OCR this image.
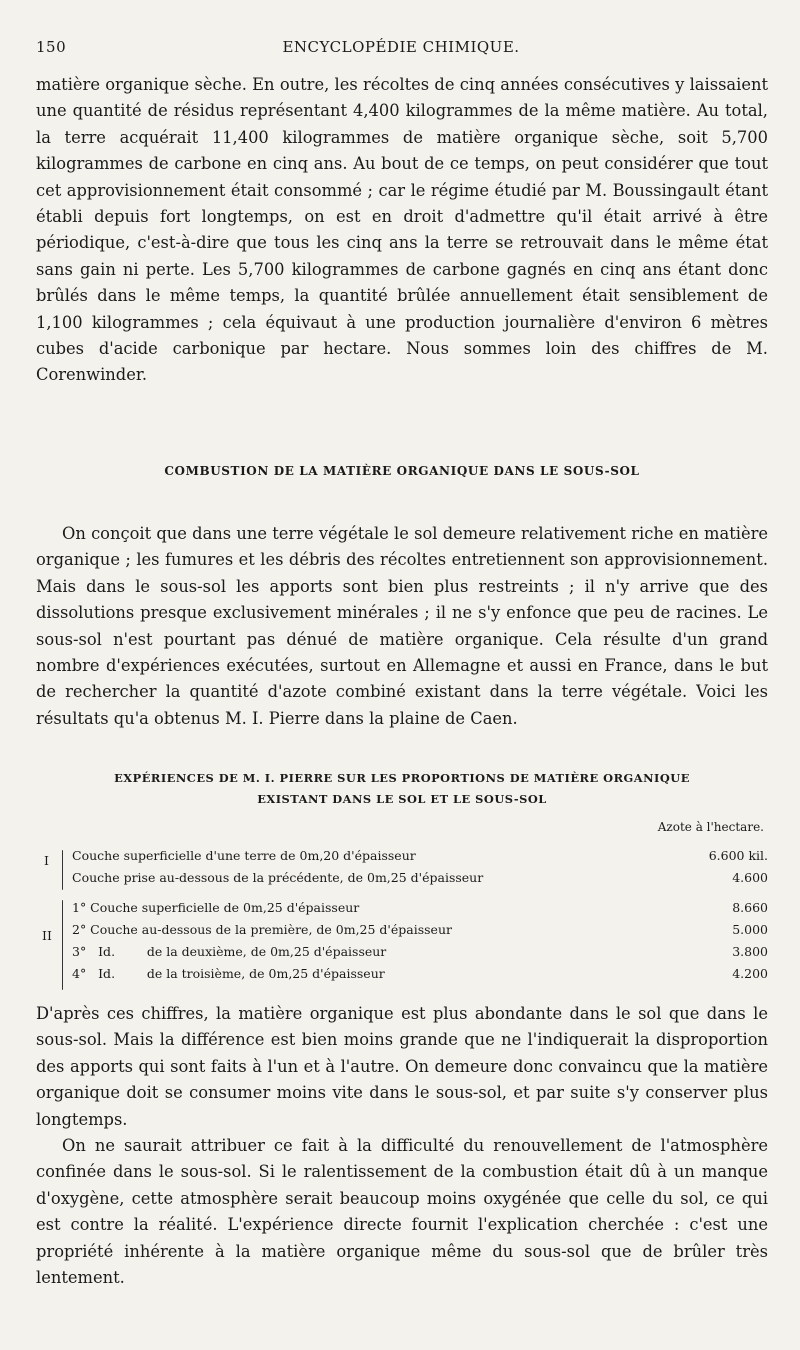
150	ENCYCLOPÉDIE CHIMIQUE.

matière organique sèche. En outre, les récoltes de cinq années consécutives y laissaient une quantité de résidus représentant 4,400 kilogrammes de la même matière. Au total, la terre acquérait 11,400 kilogrammes de matière organique sèche, soit 5,700 kilogrammes de carbone en cinq ans. Au bout de ce temps, on peut considérer que tout cet approvisionnement était consommé ; car le régime étudié par M. Boussingault étant établi depuis fort longtemps, on est en droit d'admettre qu'il était arrivé à être périodique, c'est-à-dire que tous les cinq ans la terre se retrouvait dans le même état sans gain ni perte. Les 5,700 kilogrammes de carbone gagnés en cinq ans étant donc brûlés dans le même temps, la quantité brûlée annuellement était sensiblement de 1,100 kilogrammes ; cela équivaut à une production journalière d'environ 6 mètres cubes d'acide carbonique par hectare. Nous sommes loin des chiffres de M. Corenwinder.

COMBUSTION DE LA MATIÈRE ORGANIQUE DANS LE SOUS-SOL

On conçoit que dans une terre végétale le sol demeure relativement riche en matière organique ; les fumures et les débris des récoltes entretiennent son approvisionnement. Mais dans le sous-sol les apports sont bien plus restreints ; il n'y arrive que des dissolutions presque exclusivement minérales ; il ne s'y enfonce que peu de racines. Le sous-sol n'est pourtant pas dénué de matière organique. Cela résulte d'un grand nombre d'expériences exécutées, surtout en Allemagne et aussi en France, dans le but de rechercher la quantité d'azote combiné existant dans la terre végétale. Voici les résultats qu'a obtenus M. I. Pierre dans la plaine de Caen.

EXPÉRIENCES DE M. I. PIERRE SUR LES PROPORTIONS DE MATIÈRE ORGANIQUE
EXISTANT DANS LE SOL ET LE SOUS-SOL
Azote à l'hectare.
I
II
Couche superficielle d'une terre de 0m,20 d'épaisseur	6.600 kil.
Couche prise au-dessous de la précédente, de 0m,25 d'épaisseur	4.600
1° Couche superficielle de 0m,25 d'épaisseur	8.660
2° Couche au-dessous de la première, de 0m,25 d'épaisseur	5.000
3°   Id.        de la deuxième, de 0m,25 d'épaisseur	3.800
4°   Id.        de la troisième, de 0m,25 d'épaisseur	4.200

D'après ces chiffres, la matière organique est plus abondante dans le sol que dans le sous-sol. Mais la différence est bien moins grande que ne l'indiquerait la disproportion des apports qui sont faits à l'un et à l'autre. On demeure donc convaincu que la matière organique doit se consumer moins vite dans le sous-sol, et par suite s'y conserver plus longtemps.

On ne saurait attribuer ce fait à la difficulté du renouvellement de l'atmosphère confinée dans le sous-sol. Si le ralentissement de la combustion était dû à un manque d'oxygène, cette atmosphère serait beaucoup moins oxygénée que celle du sol, ce qui est contre la réalité. L'expérience directe fournit l'explication cherchée : c'est une propriété inhérente à la matière organique même du sous-sol que de brûler très lentement.
